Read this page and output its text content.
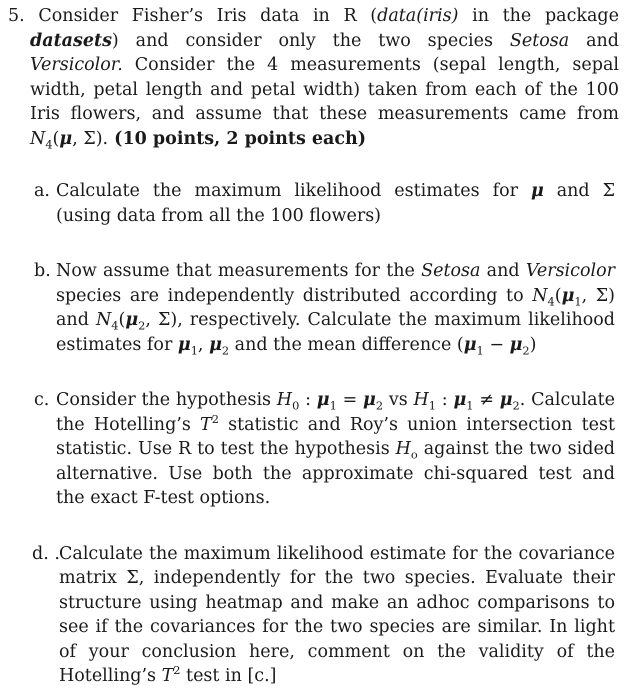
5. Consider Fisher’s Iris data in R (data(iris) in the package datasets) and consider only the two species Setosa and Versicolor. Consider the 4 measurements (sepal length, sepal width, petal length and petal width) taken from each of the 100 Iris flowers, and assume that these measurements came from $N_4(\mu$, Σ). (10 points, 2 points each)
a. Calculate the maximum likelihood estimates for μ and Σ (using data from all the 100 flowers)
b. Now assume that measurements for the Setosa and Versicolor species are independently distributed according to $N_4(\mu_1$, Σ) and $N_4(\mu_2$, Σ), respectively. Calculate the maximum likelihood estimates for $\mu_1$, $\mu_2$ and the mean difference $(\mu_1 - \mu_2)$
c. Consider the hypothesis $H_0$ : $\mu_1 = \mu_2$ vs $H_1$ : $\mu_1 \ne \mu_2$. Calculate the Hotelling’s $T^2$ statistic and Roy’s union intersection test statistic. Use R to test the hypothesis $H_o$ against the two sided alternative. Use both the approximate chi-squared test and the exact F-test options.
d. . Calculate the maximum likelihood estimate for the covariance matrix Σ, independently for the two species. Evaluate their structure using heatmap and make an adhoc comparisons to see if the covariances for the two species are similar. In light of your conclusion here, comment on the validity of the Hotelling’s $T^2$ test in [c.]
